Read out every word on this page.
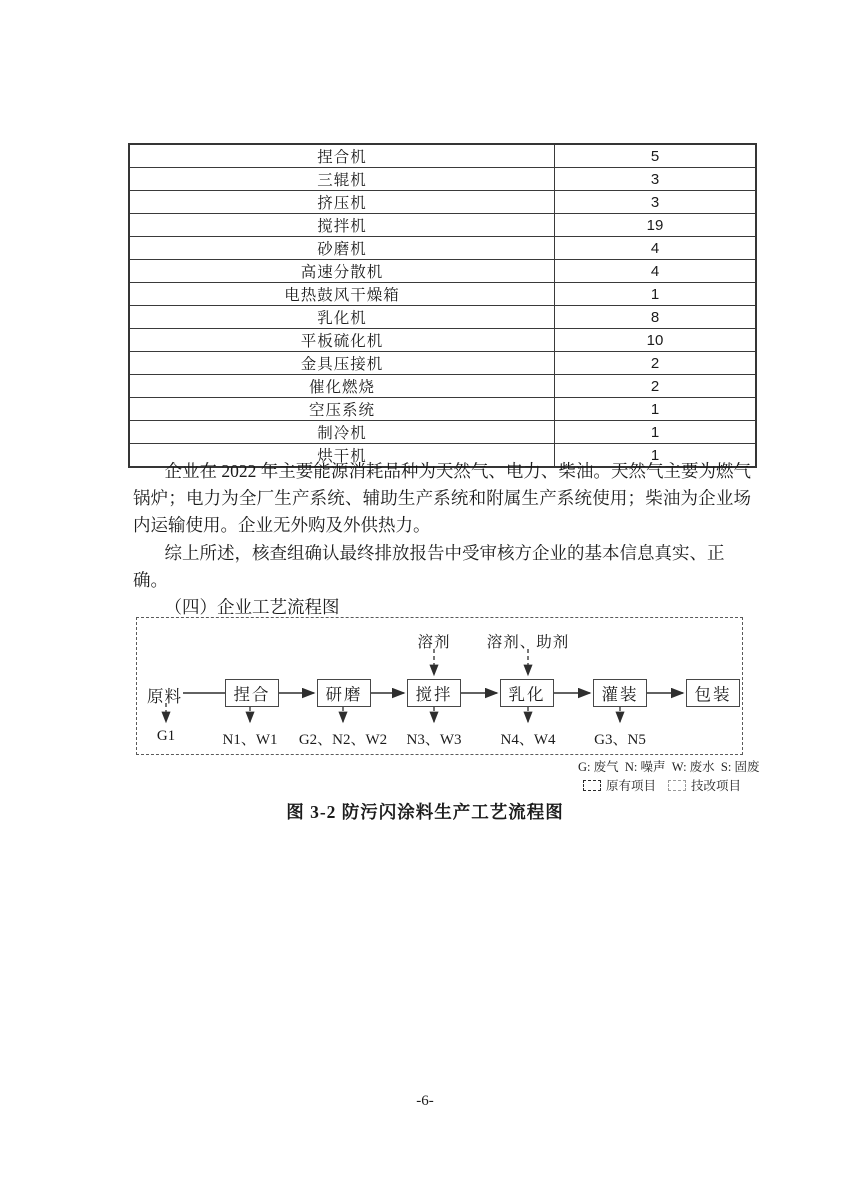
捏合机	5
三辊机	3
挤压机	3
搅拌机	19
砂磨机	4
高速分散机	4
电热鼓风干燥箱	1
乳化机	8
平板硫化机	10
金具压接机	2
催化燃烧	2
空压系统	1
制冷机	1
烘干机	1

企业在 2022 年主要能源消耗品种为天然气、电力、柴油。天然气主要为燃气锅炉；电力为全厂生产系统、辅助生产系统和附属生产系统使用；柴油为企业场内运输使用。企业无外购及外供热力。

综上所述，核查组确认最终排放报告中受审核方企业的基本信息真实、正确。

（四）企业工艺流程图

原料	捏合	研磨	搅拌	乳化	灌装	包装
溶剂 溶剂、助剂
G1	N1、W1 G2、N2、W2 N3、W3	N4、W4	G3、N5
G: 废气  N: 噪声  W: 废水  S: 固废
原有项目	技改项目
图 3-2 防污闪涂料生产工艺流程图
-6-
